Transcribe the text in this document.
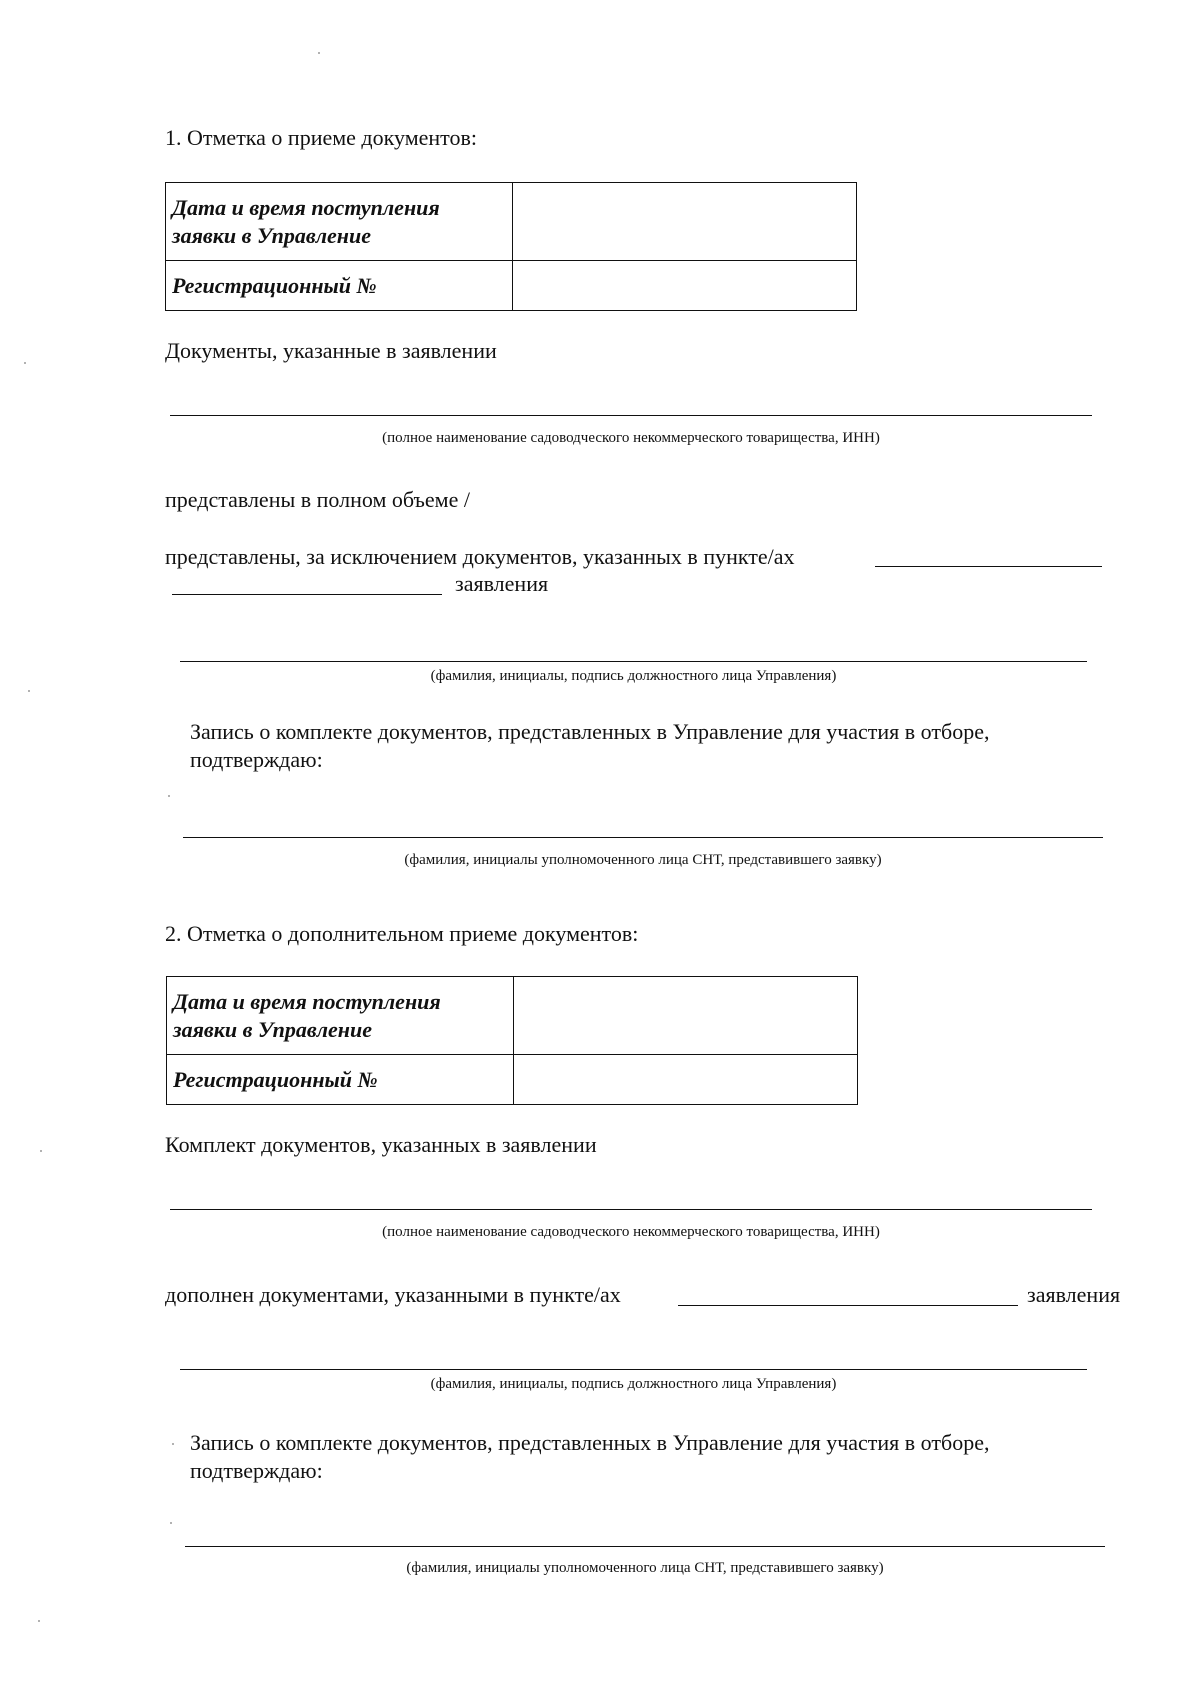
1. Отметка о приеме документов:
Дата и время поступления заявки в Управление	
Регистрационный №	
Документы, указанные в заявлении
(полное наименование садоводческого некоммерческого товарищества, ИНН)
представлены в полном объеме /
представлены, за исключением документов, указанных в пункте/ах
заявления
(фамилия, инициалы, подпись должностного лица Управления)
Запись о комплекте документов, представленных в Управление для участия в отборе,
подтверждаю:
(фамилия, инициалы уполномоченного лица СНТ, представившего заявку)
2. Отметка о дополнительном приеме документов:
Дата и время поступления заявки в Управление	
Регистрационный №	
Комплект документов, указанных в заявлении
(полное наименование садоводческого некоммерческого товарищества, ИНН)
дополнен документами, указанными в пункте/ах	заявления
(фамилия, инициалы, подпись должностного лица Управления)
Запись о комплекте документов, представленных в Управление для участия в отборе,
подтверждаю:
(фамилия, инициалы уполномоченного лица СНТ, представившего заявку)
